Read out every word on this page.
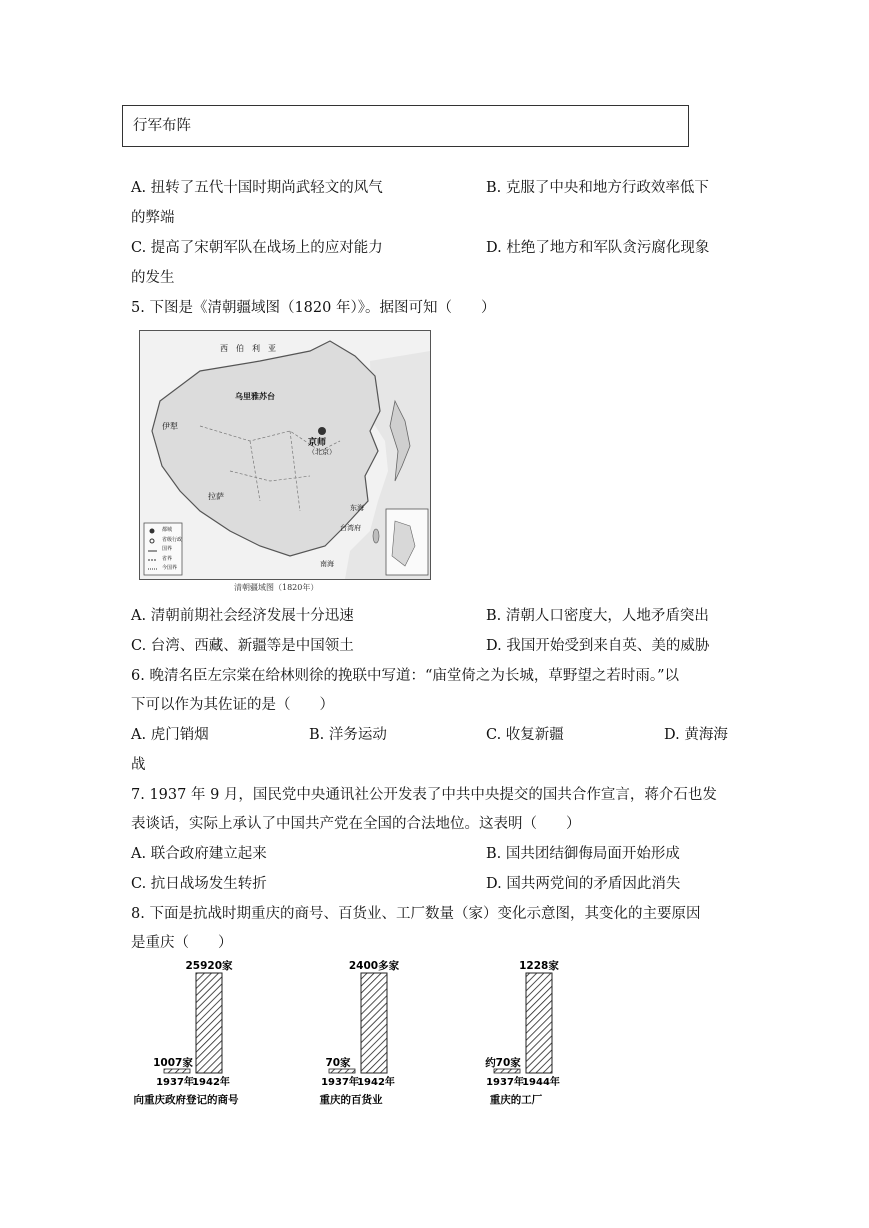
行军布阵
A. 扭转了五代十国时期尚武轻文的风气	B. 克服了中央和地方行政效率低下
的弊端
C. 提高了宋朝军队在战场上的应对能力	D. 杜绝了地方和军队贪污腐化现象
的发生
5. 下图是《清朝疆域图（1820 年）》。据图可知（　　）
西　伯　利　亚
乌里雅苏台
伊犁
京师
（北京）
拉萨
台湾府
东海
南海
都城
省级行政
国界
省界
今国界
清朝疆域图（1820年）
A. 清朝前期社会经济发展十分迅速	B. 清朝人口密度大，人地矛盾突出
C. 台湾、西藏、新疆等是中国领土	D. 我国开始受到来自英、美的威胁
6. 晚清名臣左宗棠在给林则徐的挽联中写道：“庙堂倚之为长城，草野望之若时雨。”以
下可以作为其佐证的是（　　）
A. 虎门销烟	B. 洋务运动	C. 收复新疆	D. 黄海海
战
7. 1937 年 9 月，国民党中央通讯社公开发表了中共中央提交的国共合作宣言，蒋介石也发
表谈话，实际上承认了中国共产党在全国的合法地位。这表明（　　）
A. 联合政府建立起来	B. 国共团结御侮局面开始形成
C. 抗日战场发生转折	D. 国共两党间的矛盾因此消失
8. 下面是抗战时期重庆的商号、百货业、工厂数量（家）变化示意图，其变化的主要原因
是重庆（　　）
1007家
25920家
1937年
1942年
向重庆政府登记的商号
70家
2400多家
1937年
1942年
重庆的百货业
约70家
1228家
1937年
1944年
重庆的工厂
